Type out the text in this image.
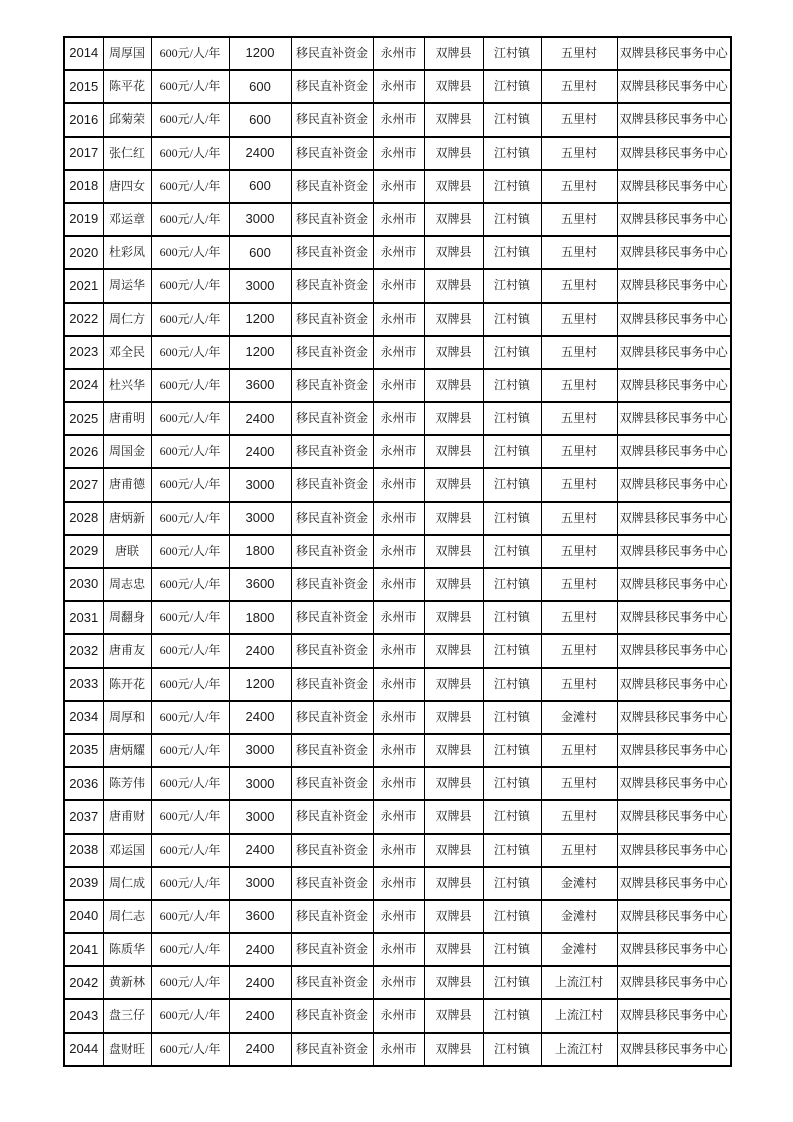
2014	周厚国	600元/人/年	1200	移民直补资金	永州市	双牌县	江村镇	五里村	双牌县移民事务中心
2015	陈平花	600元/人/年	600	移民直补资金	永州市	双牌县	江村镇	五里村	双牌县移民事务中心
2016	邱菊荣	600元/人/年	600	移民直补资金	永州市	双牌县	江村镇	五里村	双牌县移民事务中心
2017	张仁红	600元/人/年	2400	移民直补资金	永州市	双牌县	江村镇	五里村	双牌县移民事务中心
2018	唐四女	600元/人/年	600	移民直补资金	永州市	双牌县	江村镇	五里村	双牌县移民事务中心
2019	邓运章	600元/人/年	3000	移民直补资金	永州市	双牌县	江村镇	五里村	双牌县移民事务中心
2020	杜彩凤	600元/人/年	600	移民直补资金	永州市	双牌县	江村镇	五里村	双牌县移民事务中心
2021	周运华	600元/人/年	3000	移民直补资金	永州市	双牌县	江村镇	五里村	双牌县移民事务中心
2022	周仁方	600元/人/年	1200	移民直补资金	永州市	双牌县	江村镇	五里村	双牌县移民事务中心
2023	邓全民	600元/人/年	1200	移民直补资金	永州市	双牌县	江村镇	五里村	双牌县移民事务中心
2024	杜兴华	600元/人/年	3600	移民直补资金	永州市	双牌县	江村镇	五里村	双牌县移民事务中心
2025	唐甫明	600元/人/年	2400	移民直补资金	永州市	双牌县	江村镇	五里村	双牌县移民事务中心
2026	周国金	600元/人/年	2400	移民直补资金	永州市	双牌县	江村镇	五里村	双牌县移民事务中心
2027	唐甫德	600元/人/年	3000	移民直补资金	永州市	双牌县	江村镇	五里村	双牌县移民事务中心
2028	唐炳新	600元/人/年	3000	移民直补资金	永州市	双牌县	江村镇	五里村	双牌县移民事务中心
2029	唐联	600元/人/年	1800	移民直补资金	永州市	双牌县	江村镇	五里村	双牌县移民事务中心
2030	周志忠	600元/人/年	3600	移民直补资金	永州市	双牌县	江村镇	五里村	双牌县移民事务中心
2031	周翻身	600元/人/年	1800	移民直补资金	永州市	双牌县	江村镇	五里村	双牌县移民事务中心
2032	唐甫友	600元/人/年	2400	移民直补资金	永州市	双牌县	江村镇	五里村	双牌县移民事务中心
2033	陈开花	600元/人/年	1200	移民直补资金	永州市	双牌县	江村镇	五里村	双牌县移民事务中心
2034	周厚和	600元/人/年	2400	移民直补资金	永州市	双牌县	江村镇	金滩村	双牌县移民事务中心
2035	唐炳耀	600元/人/年	3000	移民直补资金	永州市	双牌县	江村镇	五里村	双牌县移民事务中心
2036	陈芳伟	600元/人/年	3000	移民直补资金	永州市	双牌县	江村镇	五里村	双牌县移民事务中心
2037	唐甫财	600元/人/年	3000	移民直补资金	永州市	双牌县	江村镇	五里村	双牌县移民事务中心
2038	邓运国	600元/人/年	2400	移民直补资金	永州市	双牌县	江村镇	五里村	双牌县移民事务中心
2039	周仁成	600元/人/年	3000	移民直补资金	永州市	双牌县	江村镇	金滩村	双牌县移民事务中心
2040	周仁志	600元/人/年	3600	移民直补资金	永州市	双牌县	江村镇	金滩村	双牌县移民事务中心
2041	陈质华	600元/人/年	2400	移民直补资金	永州市	双牌县	江村镇	金滩村	双牌县移民事务中心
2042	黄新林	600元/人/年	2400	移民直补资金	永州市	双牌县	江村镇	上流江村	双牌县移民事务中心
2043	盘三仔	600元/人/年	2400	移民直补资金	永州市	双牌县	江村镇	上流江村	双牌县移民事务中心
2044	盘财旺	600元/人/年	2400	移民直补资金	永州市	双牌县	江村镇	上流江村	双牌县移民事务中心
